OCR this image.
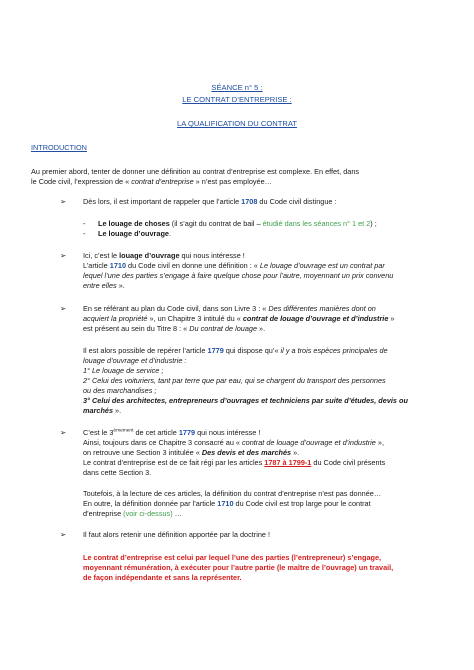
SÉANCE n° 5 :
LE CONTRAT D’ENTREPRISE :
LA QUALIFICATION DU CONTRAT
INTRODUCTION
Au premier abord, tenter de donner une définition au contrat d’entreprise est complexe. En effet, dans
le Code civil, l’expression de « contrat d’entreprise » n’est pas employée…
➢ Dès lors, il est important de rappeler que l’article 1708 du Code civil distingue :
- Le louage de choses (il s’agit du contrat de bail – étudié dans les séances n° 1 et 2) ;
- Le louage d’ouvrage.
➢ Ici, c’est le louage d’ouvrage qui nous intéresse !
L’article 1710 du Code civil en donne une définition : « Le louage d’ouvrage est un contrat par
lequel l’une des parties s’engage à faire quelque chose pour l’autre, moyennant un prix convenu
entre elles ».
➢ En se référant au plan du Code civil, dans son Livre 3 : « Des différentes manières dont on
acquiert la propriété », un Chapitre 3 intitulé du « contrat de louage d’ouvrage et d’industrie »
est présent au sein du Titre 8 : « Du contrat de louage ».
Il est alors possible de repérer l’article 1779 qui dispose qu’« il y a trois espèces principales de
louage d’ouvrage et d’industrie :
1° Le louage de service ;
2° Celui des voituriers, tant par terre que par eau, qui se chargent du transport des personnes
ou des marchandises ;
3° Celui des architectes, entrepreneurs d’ouvrages et techniciens par suite d’études, devis ou
marchés ».
➢ C’est le $3^{èmement}$ de cet article 1779 qui nous intéresse !
Ainsi, toujours dans ce Chapitre 3 consacré au « contrat de louage d’ouvrage et d’industrie »,
on retrouve une Section 3 intitulée « Des devis et des marchés ».
Le contrat d’entreprise est de ce fait régi par les articles 1787 à 1799-1 du Code civil présents
dans cette Section 3.
Toutefois, à la lecture de ces articles, la définition du contrat d’entreprise n’est pas donnée…
En outre, la définition donnée par l’article 1710 du Code civil est trop large pour le contrat
d’entreprise (voir ci-dessus) …
➢ Il faut alors retenir une définition apportée par la doctrine !
Le contrat d’entreprise est celui par lequel l’une des parties (l’entrepreneur) s’engage,
moyennant rémunération, à exécuter pour l’autre partie (le maître de l’ouvrage) un travail,
de façon indépendante et sans la représenter.
